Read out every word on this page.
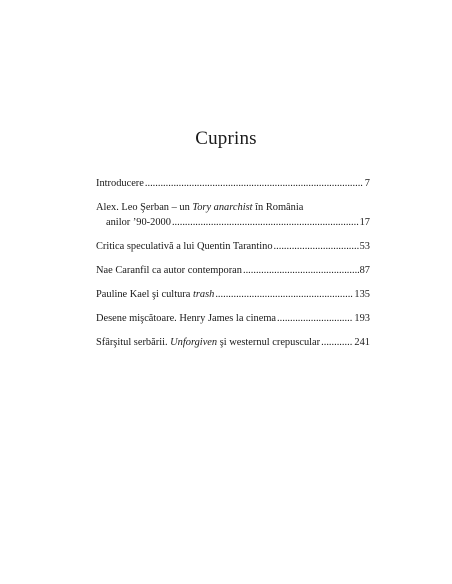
Cuprins
Introducere . . .	7
Alex. Leo Şerban – un Tory anarchist în România
anilor ’90-2000 . . .	17
Critica speculativă a lui Quentin Tarantino . . .	53
Nae Caranfil ca autor contemporan . . .	87
Pauline Kael şi cultura trash . . .	135
Desene mişcătoare. Henry James la cinema . . .	193
Sfârşitul serbării. Unforgiven şi westernul crepuscular . . .	241
